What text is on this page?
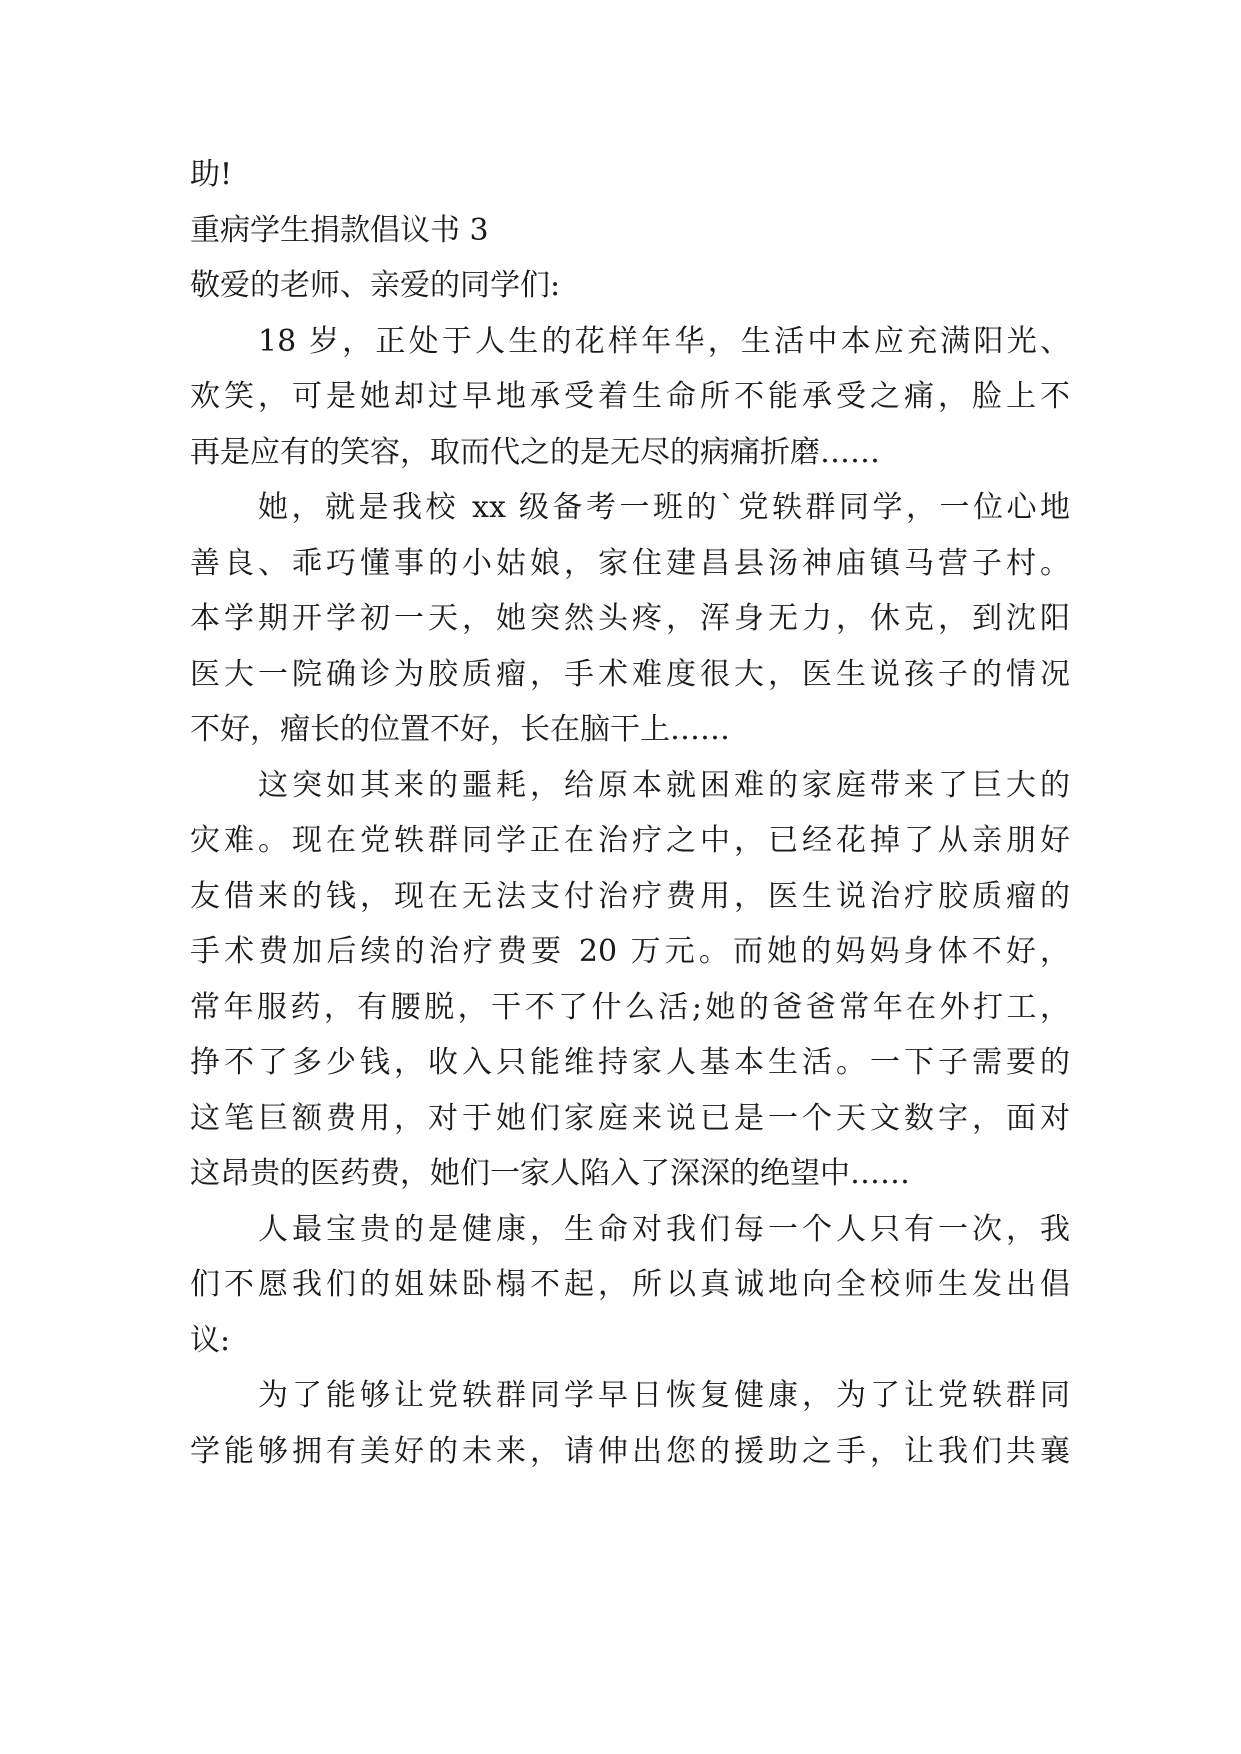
助!
重病学生捐款倡议书 3
敬爱的老师、亲爱的同学们:
18 岁，正处于人生的花样年华，生活中本应充满阳光、
欢笑，可是她却过早地承受着生命所不能承受之痛，脸上不
再是应有的笑容，取而代之的是无尽的病痛折磨……
她，就是我校 xx 级备考一班的`党轶群同学，一位心地
善良、乖巧懂事的小姑娘，家住建昌县汤神庙镇马营子村。
本学期开学初一天，她突然头疼，浑身无力，休克，到沈阳
医大一院确诊为胶质瘤，手术难度很大，医生说孩子的情况
不好，瘤长的位置不好，长在脑干上……
这突如其来的噩耗，给原本就困难的家庭带来了巨大的
灾难。现在党轶群同学正在治疗之中，已经花掉了从亲朋好
友借来的钱，现在无法支付治疗费用，医生说治疗胶质瘤的
手术费加后续的治疗费要 20 万元。而她的妈妈身体不好，
常年服药，有腰脱，干不了什么活;她的爸爸常年在外打工，
挣不了多少钱，收入只能维持家人基本生活。一下子需要的
这笔巨额费用，对于她们家庭来说已是一个天文数字，面对
这昂贵的医药费，她们一家人陷入了深深的绝望中……
人最宝贵的是健康，生命对我们每一个人只有一次，我
们不愿我们的姐妹卧榻不起，所以真诚地向全校师生发出倡
议:
为了能够让党轶群同学早日恢复健康，为了让党轶群同
学能够拥有美好的未来，请伸出您的援助之手，让我们共襄
